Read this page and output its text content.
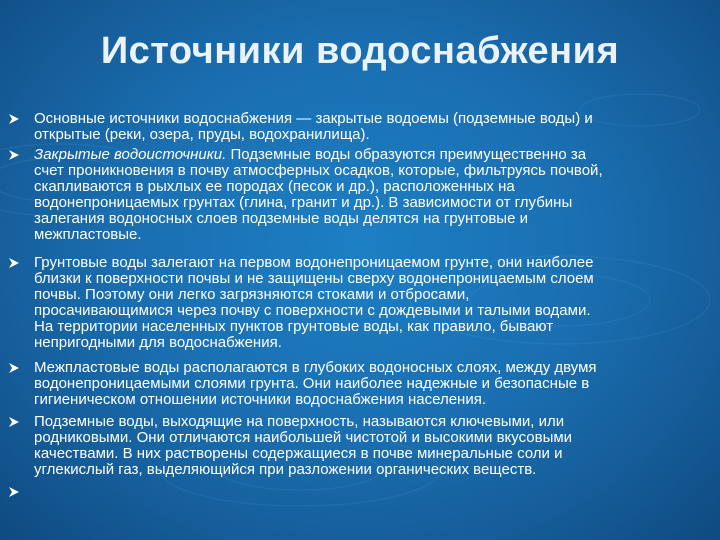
Источники водоснабжения
Основные источники водоснабжения — закрытые водоемы (подземные воды) и
открытые (реки, озера, пруды, водохранилища).
Закрытые водоисточники. Подземные воды образуются преимущественно за
счет проникновения в почву атмосферных осадков, которые, фильтруясь почвой,
скапливаются в рыхлых ее породах (песок и др.), расположенных на
водонепроницаемых грунтах (глина, гранит и др.). В зависимости от глубины
залегания водоносных слоев подземные воды делятся на грунтовые и
межпластовые.
Грунтовые воды залегают на первом водонепроницаемом грунте, они наиболее
близки к поверхности почвы и не защищены сверху водонепроницаемым слоем
почвы. Поэтому они легко загрязняются стоками и отбросами,
просачивающимися через почву с поверхности с дождевыми и талыми водами.
На территории населенных пунктов грунтовые воды, как правило, бывают
непригодными для водоснабжения.
Межпластовые воды располагаются в глубоких водоносных слоях, между двумя
водонепроницаемыми слоями грунта. Они наиболее надежные и безопасные в
гигиеническом отношении источники водоснабжения населения.
Подземные воды, выходящие на поверхность, называются ключевыми, или
родниковыми. Они отличаются наибольшей чистотой и высокими вкусовыми
качествами. В них растворены содержащиеся в почве минеральные соли и
углекислый газ, выделяющийся при разложении органических веществ.
